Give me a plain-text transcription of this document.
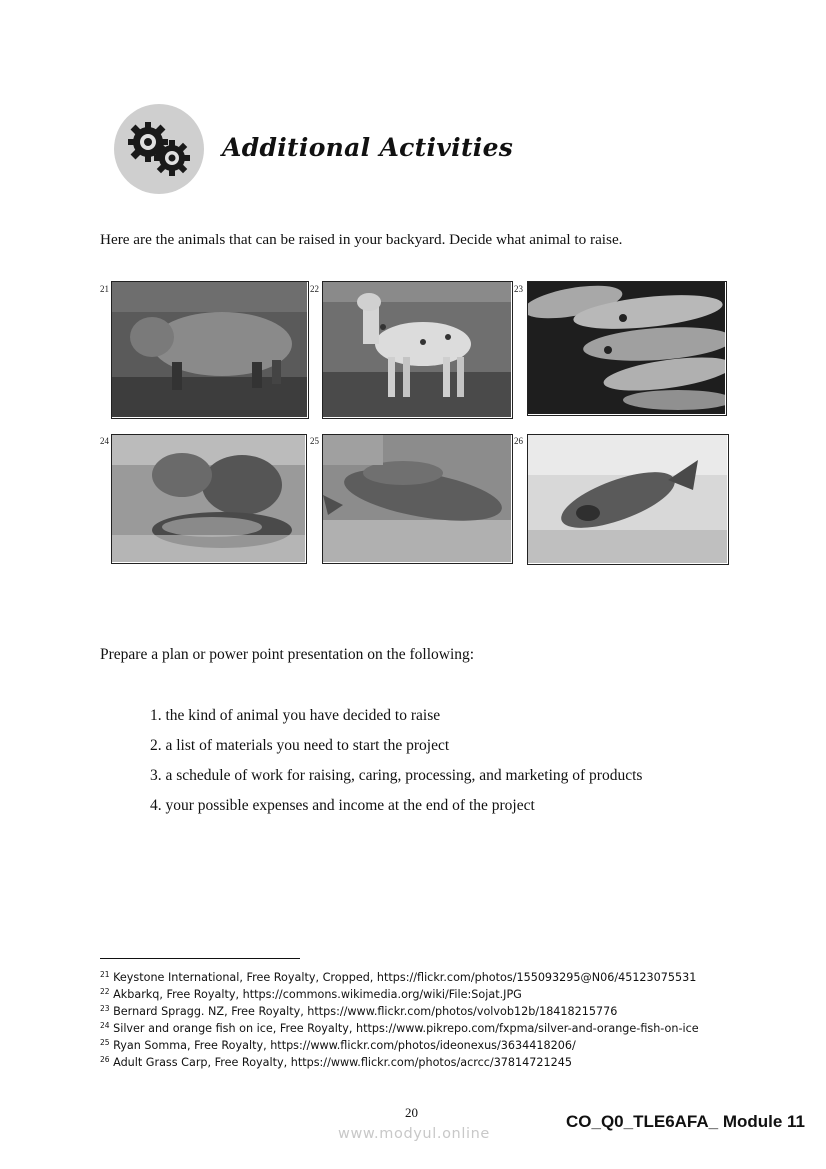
Additional Activities
Here are the animals that can be raised in your backyard. Decide what animal to raise.
21	22	23
24	25	26
Prepare a plan or power point presentation on the following:
1. the kind of animal you have decided to raise
2. a list of materials you need to start the project
3. a schedule of work for raising, caring, processing, and marketing of products
4. your possible expenses and income at the end of the project
$^{21}$ Keystone International, Free Royalty, Cropped, https://flickr.com/photos/155093295@N06/45123075531
$^{22}$ Akbarkq, Free Royalty, https://commons.wikimedia.org/wiki/File:Sojat.JPG
$^{23}$ Bernard Spragg. NZ, Free Royalty, https://www.flickr.com/photos/volvob12b/18418215776
$^{24}$ Silver and orange fish on ice, Free Royalty, https://www.pikrepo.com/fxpma/silver-and-orange-fish-on-ice
$^{25}$ Ryan Somma, Free Royalty, https://www.flickr.com/photos/ideonexus/3634418206/
$^{26}$ Adult Grass Carp, Free Royalty, https://www.flickr.com/photos/acrcc/37814721245
20	CO_Q0_TLE6AFA_ Module 11
www.modyul.online
